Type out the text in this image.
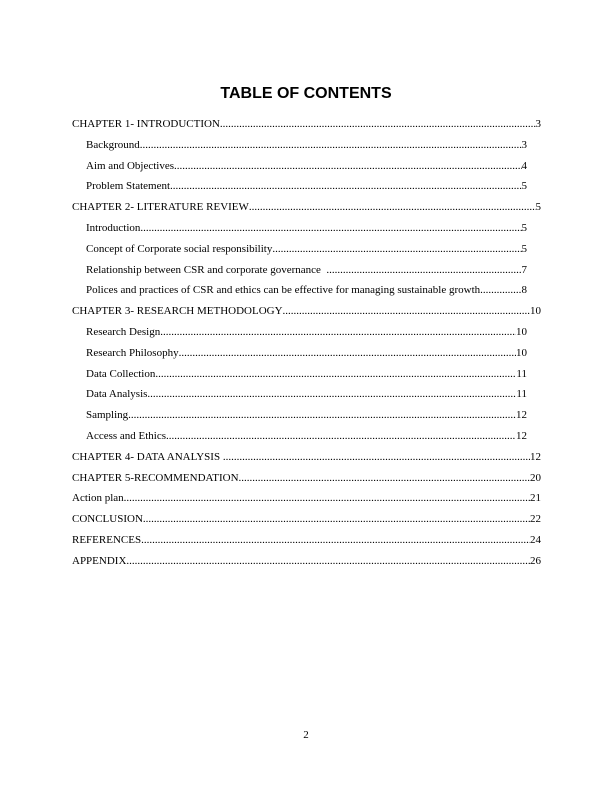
TABLE OF CONTENTS
CHAPTER 1- INTRODUCTION .....	3
Background .....	3
Aim and Objectives .....	4
Problem Statement .....	5
CHAPTER 2- LITERATURE REVIEW .....	5
Introduction .....	5
Concept of Corporate social responsibility .....	5
Relationship between CSR and corporate governance .....	7
Polices and practices of CSR and ethics can be effective for managing sustainable growth. .....	8
CHAPTER 3- RESEARCH METHODOLOGY .....	10
Research Design .....	10
Research Philosophy .....	10
Data Collection .....	11
Data Analysis .....	11
Sampling .....	12
Access and Ethics .....	12
CHAPTER 4- DATA ANALYSIS .....	12
CHAPTER 5-RECOMMENDATION .....	20
Action plan .....	21
CONCLUSION .....	22
REFERENCES .....	24
APPENDIX .....	26
2
